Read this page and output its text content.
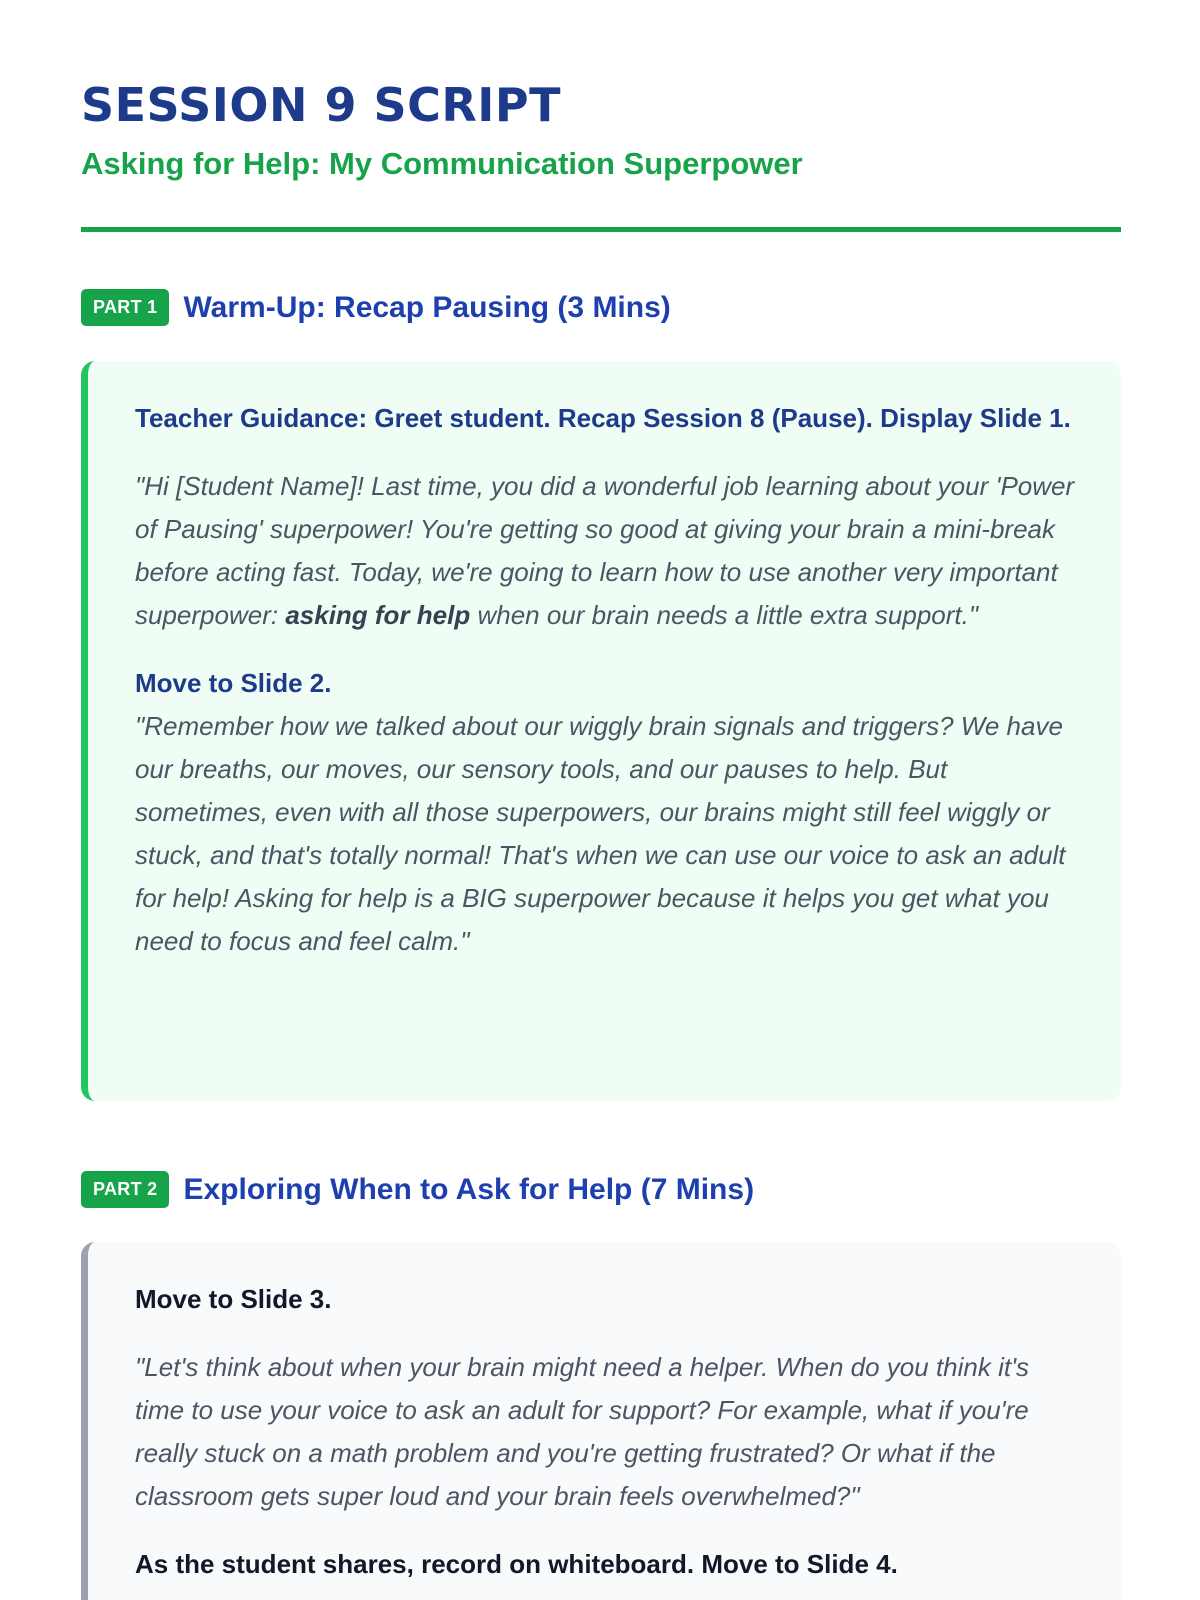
SESSION 9 SCRIPT
Asking for Help: My Communication Superpower
PART 1 Warm-Up: Recap Pausing (3 Mins)

Teacher Guidance: Greet student. Recap Session 8 (Pause). Display Slide 1.

"Hi [Student Name]! Last time, you did a wonderful job learning about your 'Power of Pausing' superpower! You're getting so good at giving your brain a mini-break before acting fast. Today, we're going to learn how to use another very important superpower: asking for help when our brain needs a little extra support."

Move to Slide 2.

"Remember how we talked about our wiggly brain signals and triggers? We have our breaths, our moves, our sensory tools, and our pauses to help. But sometimes, even with all those superpowers, our brains might still feel wiggly or stuck, and that's totally normal! That's when we can use our voice to ask an adult for help! Asking for help is a BIG superpower because it helps you get what you need to focus and feel calm."

PART 2 Exploring When to Ask for Help (7 Mins)

Move to Slide 3.

"Let's think about when your brain might need a helper. When do you think it's time to use your voice to ask an adult for support? For example, what if you're really stuck on a math problem and you're getting frustrated? Or what if the classroom gets super loud and your brain feels overwhelmed?"

As the student shares, record on whiteboard. Move to Slide 4.
